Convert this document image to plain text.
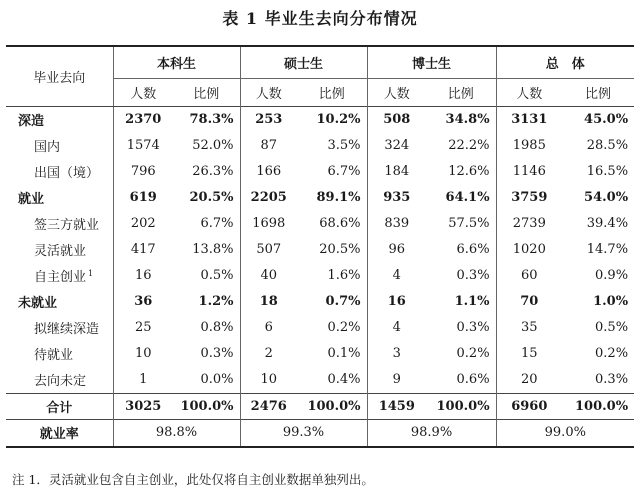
表 1 毕业生去向分布情况
毕业去向	本科生		硕士生		博士生		总　体	
	人数	比例	人数	比例	人数	比例	人数	比例
深造	2370	78.3%	253	10.2%	508	34.8%	3131	45.0%
国内	1574	52.0%	87	3.5%	324	22.2%	1985	28.5%
出国（境）	796	26.3%	166	6.7%	184	12.6%	1146	16.5%
就业	619	20.5%	2205	89.1%	935	64.1%	3759	54.0%
签三方就业	202	6.7%	1698	68.6%	839	57.5%	2739	39.4%
灵活就业	417	13.8%	507	20.5%	96	6.6%	1020	14.7%
自主创业 $^1$	16	0.5%	40	1.6%	4	0.3%	60	0.9%
未就业	36	1.2%	18	0.7%	16	1.1%	70	1.0%
拟继续深造	25	0.8%	6	0.2%	4	0.3%	35	0.5%
待就业	10	0.3%	2	0.1%	3	0.2%	15	0.2%
去向未定	1	0.0%	10	0.4%	9	0.6%	20	0.3%
合计	3025	100.0%	2476	100.0%	1459	100.0%	6960	100.0%
就业率	98.8%		99.3%		98.9%		99.0%	
注 1．灵活就业包含自主创业，此处仅将自主创业数据单独列出。
